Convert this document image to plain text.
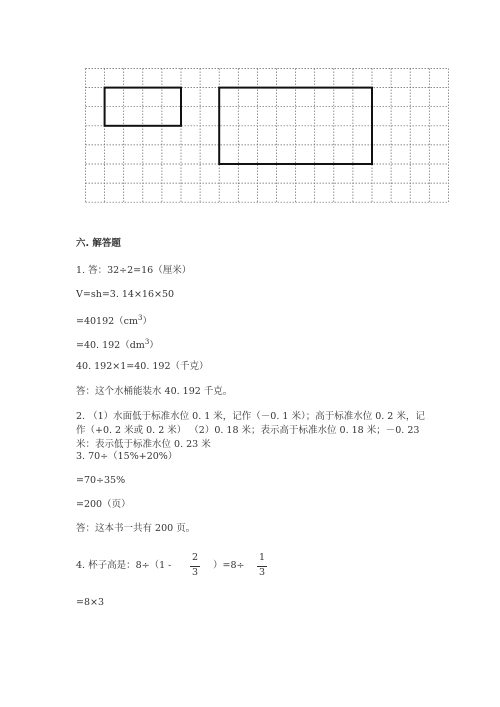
六. 解答题
1. 答：32÷2=16（厘米）
V=sh=3. 14×16×50
$=40192(cm^3)$
=40. $192(dm^3)$
40. 192×1=40. 192（千克）
答：这个水桶能装水 40. 192 千克。
2. （1）水面低于标准水位 0. 1 米，记作（－0. 1 米）；高于标准水位 0. 2 米，记
作（+0. 2 米或 0. 2 米） （2）0. 18 米；表示高于标准水位 0. 18 米；－0. 23
米：表示低于标准水位 0. 23 米
3. 70÷（15%+20%）
=70÷35%
=200（页）
答：这本书一共有 200 页。
4. 杯子高是：8÷（1 -
2
3
）=8÷
1
3
=8×3
